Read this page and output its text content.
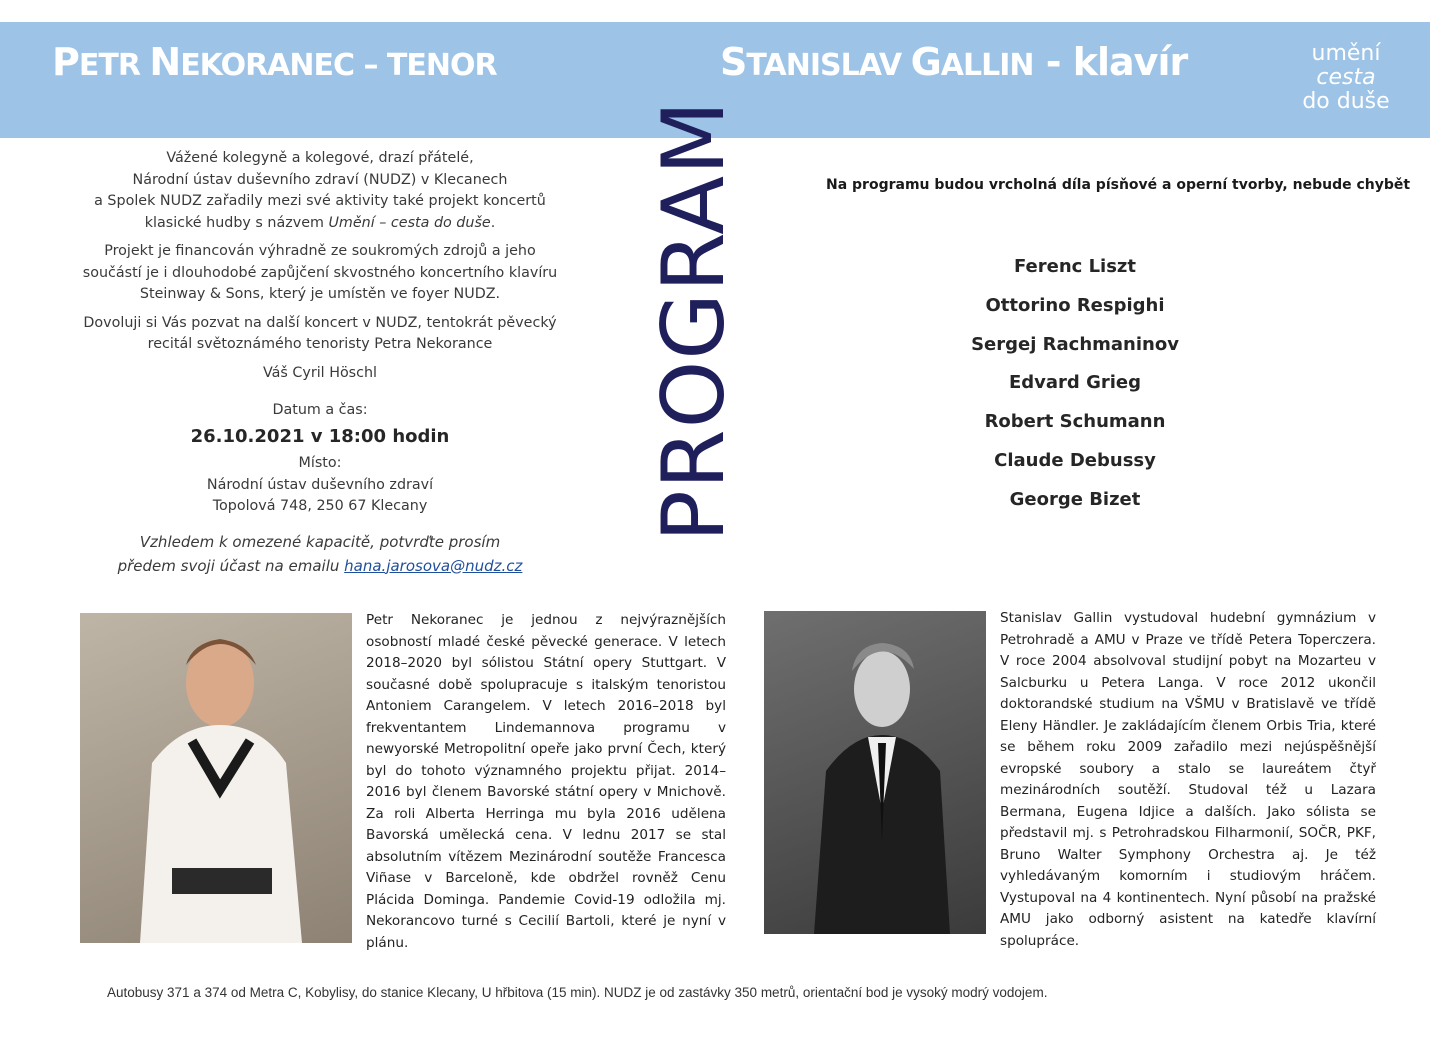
PETR NEKORANEC – TENOR	STANISLAV GALLIN - klavír	umění
cesta
do duše

Vážené kolegyně a kolegové, drazí přátelé,
Národní ústav duševního zdraví (NUDZ) v Klecanech
a Spolek NUDZ zařadily mezi své aktivity také projekt koncertů
klasické hudby s názvem Umění – cesta do duše.

Projekt je financován výhradně ze soukromých zdrojů a jeho součástí je i dlouhodobé zapůjčení skvostného koncertního klavíru Steinway & Sons, který je umístěn ve foyer NUDZ.

Dovoluji si Vás pozvat na další koncert v NUDZ, tentokrát pěvecký recitál světoznámého tenoristy Petra Nekorance

Váš Cyril Höschl

Datum a čas:

26.10.2021 v 18:00 hodin

Místo:
Národní ústav duševního zdraví
Topolová 748, 250 67 Klecany

Vzhledem k omezené kapacitě, potvrďte prosím
předem svoji účast na emailu hana.jarosova@nudz.cz
PROGRAM	Na programu budou vrcholná díla písňové a operní tvorby, nebude chybět
Ferenc Liszt
Ottorino Respighi
Sergej Rachmaninov
Edvard Grieg
Robert Schumann
Claude Debussy
George Bizet
Petr Nekoranec je jednou z nejvýraznějších osobností mladé české pěvecké generace. V letech 2018–2020 byl sólistou Státní opery Stuttgart. V současné době spolupracuje s italským tenoristou Antoniem Carangelem. V letech 2016–2018 byl frekventantem Lindemannova programu v newyorské Metropolitní opeře jako první Čech, který byl do tohoto významného projektu přijat. 2014–2016 byl členem Bavorské státní opery v Mnichově. Za roli Alberta Herringa mu byla 2016 udělena Bavorská umělecká cena. V lednu 2017 se stal absolutním vítězem Mezinárodní soutěže Francesca Viñase v Barceloně, kde obdržel rovněž Cenu Plácida Dominga. Pandemie Covid-19 odložila mj. Nekorancovo turné s Cecilií Bartoli, které je nyní v plánu.
Stanislav Gallin vystudoval hudební gymnázium v Petrohradě a AMU v Praze ve třídě Petera Toperczera. V roce 2004 absolvoval studijní pobyt na Mozarteu v Salcburku u Petera Langa. V roce 2012 ukončil doktorandské studium na VŠMU v Bratislavě ve třídě Eleny Händler. Je zakládajícím členem Orbis Tria, které se během roku 2009 zařadilo mezi nejúspěšnější evropské soubory a stalo se laureátem čtyř mezinárodních soutěží. Studoval též u Lazara Bermana, Eugena Idjice a dalších. Jako sólista se představil mj. s Petrohradskou Filharmonií, SOČR, PKF, Bruno Walter Symphony Orchestra aj. Je též vyhledávaným komorním i studiovým hráčem. Vystupoval na 4 kontinentech. Nyní působí na pražské AMU jako odborný asistent na katedře klavírní spolupráce.
Autobusy 371 a 374 od Metra C, Kobylisy, do stanice Klecany, U hřbitova (15 min). NUDZ je od zastávky 350 metrů, orientační bod je vysoký modrý vodojem.
